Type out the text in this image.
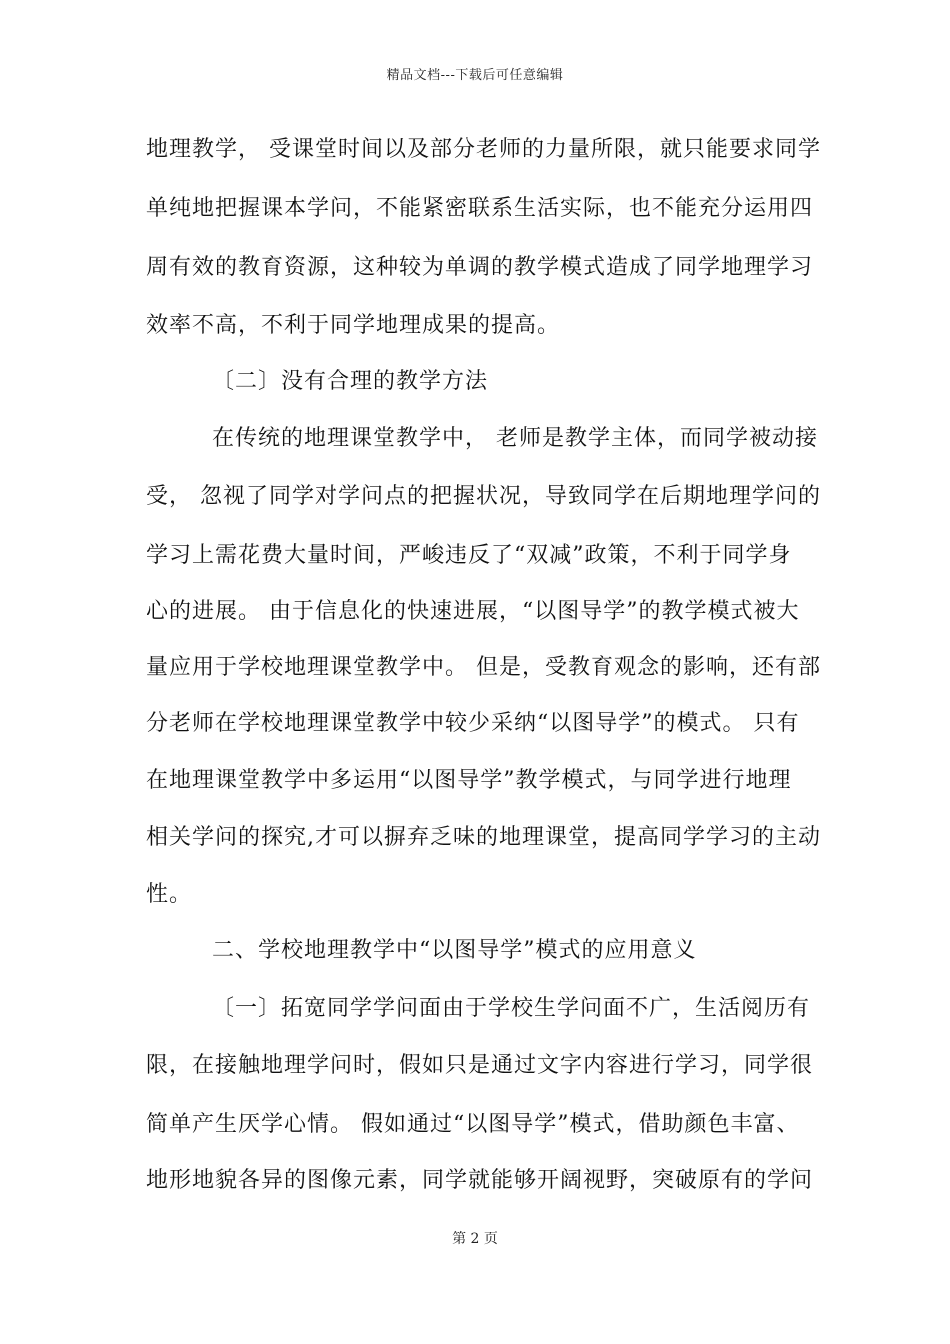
精品文档---下载后可任意编辑
地理教学， 受课堂时间以及部分老师的力量所限，就只能要求同学
单纯地把握课本学问，不能紧密联系生活实际，也不能充分运用四
周有效的教育资源，这种较为单调的教学模式造成了同学地理学习
效率不高，不利于同学地理成果的提高。
〔二〕没有合理的教学方法
在传统的地理课堂教学中， 老师是教学主体，而同学被动接
受， 忽视了同学对学问点的把握状况，导致同学在后期地理学问的
学习上需花费大量时间，严峻违反了“双减”政策，不利于同学身
心的进展。 由于信息化的快速进展，“以图导学”的教学模式被大
量应用于学校地理课堂教学中。 但是，受教育观念的影响，还有部
分老师在学校地理课堂教学中较少采纳“以图导学”的模式。 只有
在地理课堂教学中多运用“以图导学”教学模式，与同学进行地理
相关学问的探究,才可以摒弃乏味的地理课堂，提高同学学习的主动
性。
二、学校地理教学中“以图导学”模式的应用意义
〔一〕拓宽同学学问面由于学校生学问面不广，生活阅历有
限，在接触地理学问时，假如只是通过文字内容进行学习，同学很
简单产生厌学心情。 假如通过“以图导学”模式，借助颜色丰富、
地形地貌各异的图像元素，同学就能够开阔视野，突破原有的学问
第 2 页
